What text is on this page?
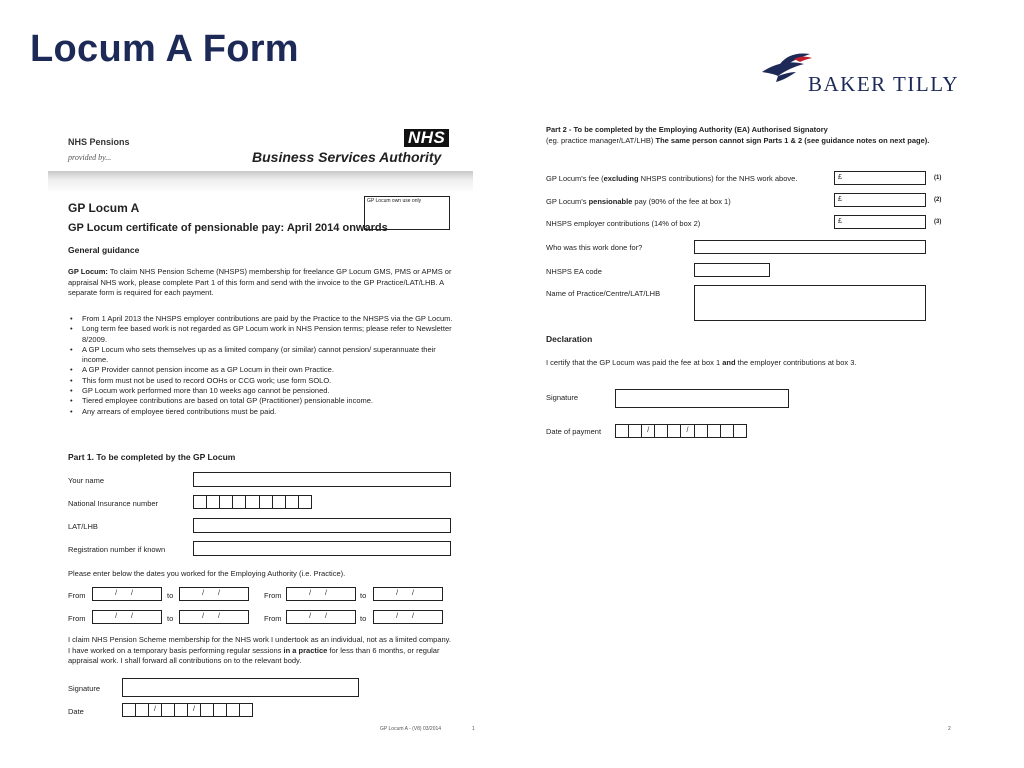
Locum A Form
BAKER TILLY
NHS Pensions
provided by...
NHS
Business Services Authority
GP Locum own use only
GP Locum A
GP Locum certificate of pensionable pay: April 2014 onwards
General guidance
GP Locum: To claim NHS Pension Scheme (NHSPS) membership for freelance GP Locum GMS, PMS or APMS or appraisal NHS work, please complete Part 1 of this form and send with the invoice to the GP Practice/LAT/LHB. A separate form is required for each payment.
• From 1 April 2013 the NHSPS employer contributions are paid by the Practice to the NHSPS via the GP Locum.
• Long term fee based work is not regarded as GP Locum work in NHS Pension terms; please refer to Newsletter 8/2009.
• A GP Locum who sets themselves up as a limited company (or similar) cannot pension/ superannuate their income.
• A GP Provider cannot pension income as a GP Locum in their own Practice.
• This form must not be used to record OOHs or CCG work; use form SOLO.
• GP Locum work performed more than 10 weeks ago cannot be pensioned.
• Tiered employee contributions are based on total GP (Practitioner) pensionable income.
• Any arrears of employee tiered contributions must be paid.
Part 1. To be completed by the GP Locum
Your name
National Insurance number
LAT/LHB
Registration number if known
Please enter below the dates you worked for the Employing Authority (i.e. Practice).
From	/ /	to	/ /	From	/ /	to	/ /
From	/ /	to	/ /	From	/ /	to	/ /
I claim NHS Pension Scheme membership for the NHS work I undertook as an individual, not as a limited company. I have worked on a temporary basis performing regular sessions in a practice for less than 6 months, or regular appraisal work. I shall forward all contributions on to the relevant body.
Signature
Date	/	/
GP Locum A - (V8) 03/2014	1
Part 2 - To be completed by the Employing Authority (EA) Authorised Signatory
(eg. practice manager/LAT/LHB) The same person cannot sign Parts 1 & 2 (see guidance notes on next page).
GP Locum's fee (excluding NHSPS contributions) for the NHS work above.	£	(1)
GP Locum's pensionable pay (90% of the fee at box 1)	£	(2)
NHSPS employer contributions (14% of box 2)	£	(3)
Who was this work done for?
NHSPS EA code
Name of Practice/Centre/LAT/LHB
Declaration
I certify that the GP Locum was paid the fee at box 1 and the employer contributions at box 3.
Signature
Date of payment	/	/
2
